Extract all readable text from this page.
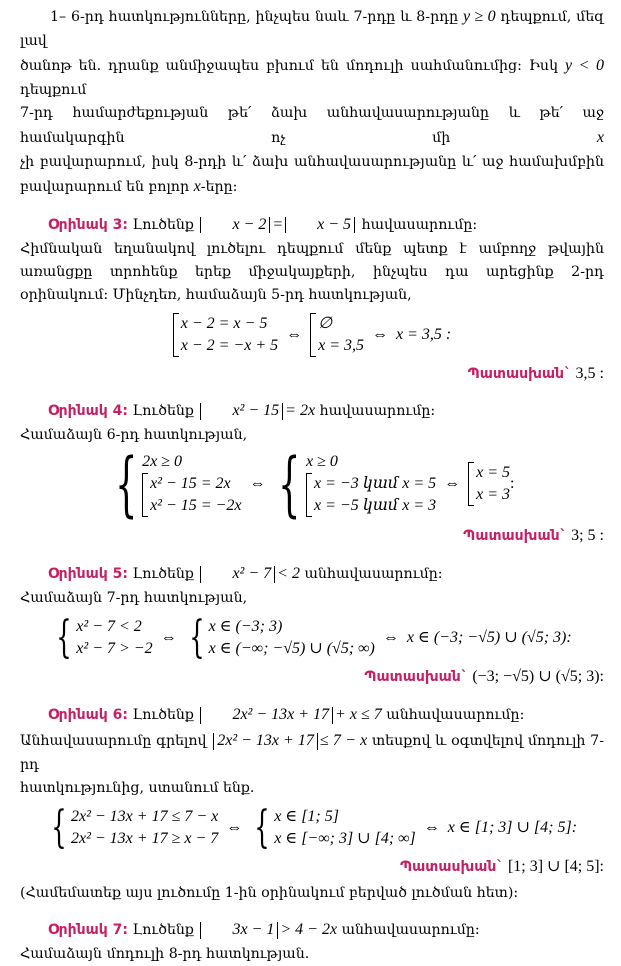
1– 6-րդ հատկությունները, ինչպես նաև 7-րդը և 8-րդը y ≥ 0 դեպքում, մեզ լավ

ծանոթ են. դրանք անմիջապես բխում են մոդուլի սահմանումից: Իսկ y < 0 դեպքում

7-րդ համարժեքության թե՛ ձախ անհավասարությանը և թե՛ աջ համակարգին ոչ մի	x

չի բավարարում, իսկ 8-րդի և՛ ձախ անհավասարությանը և՛ աջ համախմբին

բավարարում են բոլոր x-երը:

Օրինակ 3: Լուծենք x − 2 = x − 5 հավասարումը:

Հիմնական եղանակով լուծելու դեպքում մենք պետք է ամբողջ թվային առանցքը տրոհենք երեք միջակայքերի, ինչպես դա արեցինք 2-րդ օրինակում: Մինչդեռ, համաձայն 5-րդ հատկության,

x − 2 = x − 5
x − 2 = −x + 5
⇔
∅
x = 3,5
⇔ x = 3,5 :

Պատասխան` 3,5 :

Օրինակ 4: Լուծենք x² − 15 = 2x հավասարումը:

Համաձայն 6-րդ հատկության,

{ 2x ≥ 0
x² − 15 = 2x
x² − 15 = −2x
⇔ { x ≥ 0
x = −3 կամ x = 5
x = −5 կամ x = 3
⇔
x = 5
x = 3
:

Պատասխան` 3; 5 :

Օրինակ 5: Լուծենք x² − 7 < 2 անհավասարումը:

Համաձայն 7-րդ հատկության,

{ x² − 7 < 2
x² − 7 > −2
⇔ { x ∈ (−3; 3)
x ∈ (−∞; −√5) ∪ (√5; ∞)
⇔ x ∈ (−3; −√5) ∪ (√5; 3):

Պատասխան` (−3; −√5) ∪ (√5; 3):

Օրինակ 6: Լուծենք 2x² − 13x + 17 + x ≤ 7 անհավասարումը:

Անհավասարումը գրելով 2x² − 13x + 17 ≤ 7 − x տեսքով և օգտվելով մոդուլի 7-րդ

հատկությունից, ստանում ենք.

{ 2x² − 13x + 17 ≤ 7 − x
2x² − 13x + 17 ≥ x − 7
⇔ { x ∈ [1; 5]
x ∈ [−∞; 3] ∪ [4; ∞]
⇔ x ∈ [1; 3] ∪ [4; 5]:

Պատասխան` [1; 3] ∪ [4; 5]:

(Համեմատեք այս լուծումը 1-ին օրինակում բերված լուծման հետ):

Օրինակ 7: Լուծենք 3x − 1 > 4 − 2x անհավասարումը:

Համաձայն մոդուլի 8-րդ հատկության.
